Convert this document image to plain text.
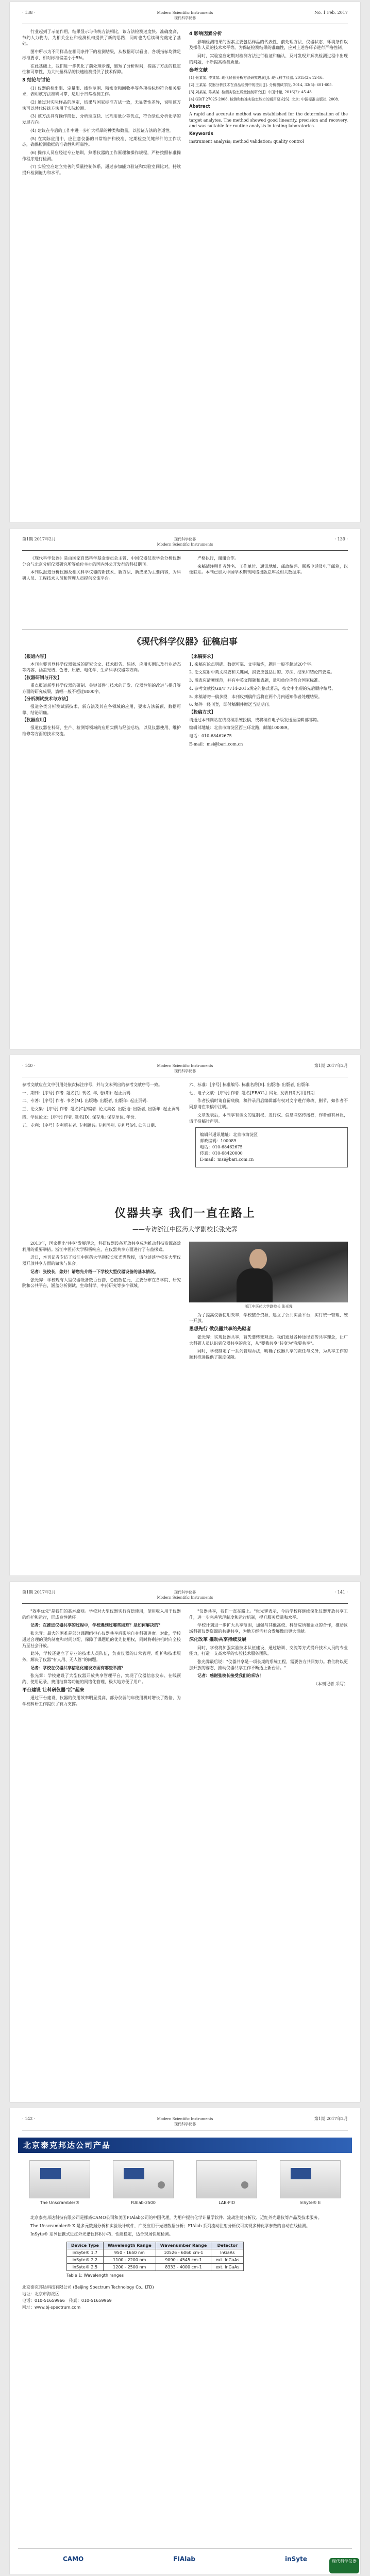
· 138 ·	Modern Scientific Instruments
现代科学仪器
No. 1 Feb. 2017

行业起到了示范作用，结果显示与传统方法相比，该方法检测速度快、准确度高，节约人力物力，为相关企业和检测机构提供了新的思路，同时也为后续研究奠定了基础。

图中所示为不同样品在相同条件下的检测结果，从数据可以看出，各项指标均满足标准要求，相对标准偏差小于5%。

在此基础上，我们进一步优化了前处理步骤，缩短了分析时间，提高了方法的稳定性和可靠性，为大批量样品的快速检测提供了技术保障。

3 结论与讨论

(1) 仪器的检出限、定量限、线性范围、精密度和回收率等各项指标均符合相关要求，表明该方法准确可靠，适用于日常检测工作。

(2) 通过对实际样品的测定，结果与国家标准方法一致，无显著性差异，说明该方法可以替代传统方法用于实际检测。

(3) 该方法具有操作简便、分析速度快、试剂用量少等优点，符合绿色分析化学的发展方向。

(4) 建议在今后的工作中进一步扩大样品的种类和数量，以验证方法的普适性。

(5) 在实际应用中，应注意仪器的日常维护和校准，定期检查关键部件的工作状态，确保检测数据的准确性和可靠性。

(6) 操作人员应经过专业培训，熟悉仪器的工作原理和操作规程，严格按照标准操作程序进行检测。

(7) 实验室应建立完善的质量控制体系，通过参加能力验证和实验室间比对，持续提升检测能力和水平。

4 影响因素分析

影响检测结果的因素主要包括样品的代表性、前处理方法、仪器状态、环境条件以及操作人员的技术水平等。为保证检测结果的准确性，应对上述各环节进行严格控制。

同时，实验室应定期对检测方法进行验证和确认，及时发现并解决检测过程中出现的问题，不断提高检测质量。

参考文献

[1] 张某某, 李某某. 现代仪器分析方法研究进展[J]. 现代科学仪器, 2015(3): 12-16.

[2] 王某某. 仪器分析技术在食品检测中的应用[J]. 分析测试学报, 2014, 33(5): 601-605.

[3] 刘某某, 陈某某. 检测实验室质量控制研究[J]. 中国计量, 2016(2): 45-48.

[4] GB/T 27025-2008. 检测和校准实验室能力的通用要求[S]. 北京: 中国标准出版社, 2008.

Abstract

A rapid and accurate method was established for the determination of the target analytes. The method showed good linearity, precision and recovery, and was suitable for routine analysis in testing laboratories.

Keywords

instrument analysis; method validation; quality control

第1期 2017年2月	现代科学仪器
Modern Scientific Instruments
· 139 ·

《现代科学仪器》是由国家自然科学基金委员会主管、中国仪器仪表学会分析仪器分会与北京分析仪器研究所等单位主办的国内外公开发行的科技期刊。

本刊以报道分析仪器及相关科学仪器的新技术、新方法、新成果为主要内容，为科研人员、工程技术人员和管理人员提供交流平台。

严格执行，谢谢合作。

来稿请注明作者姓名、工作单位、通讯地址、邮政编码、联系电话及电子邮箱，以便联系。本刊已加入中国学术期刊网络出版总库及相关数据库。

《现代科学仪器》征稿启事
【报道内容】

本刊主要刊登科学仪器领域的研究论文、技术报告、综述、应用实例以及行业动态等内容，涵盖光谱、色谱、质谱、电化学、生命科学仪器等方向。

【仪器研制与开发】

重点报道新型科学仪器的研制、关键部件与技术的开发、仪器性能的改进与提升等方面的研究成果，篇幅一般不超过8000字。

【分析测试技术与方法】

报道各类分析测试新技术、新方法及其在各领域的应用，要求方法新颖、数据可靠、结论明确。

【仪器应用】

报道仪器在科研、生产、检测等领域的应用实例与经验总结，以及仪器使用、维护维修等方面的技术交流。

【来稿要求】

1. 来稿应论点明确、数据可靠、文字精炼，题目一般不超过20个字。

2. 论文应附中英文摘要和关键词，摘要应包括目的、方法、结果和结论四要素。

3. 图表应清晰规范，并有中英文图题和表题，量和单位应符合国家标准。

4. 参考文献按GB/T 7714-2015规定的格式著录，按文中出现的先后顺序编号。

5. 来稿请勿一稿多投，本刊收到稿件后将在两个月内通知作者处理结果。

6. 稿件一经刊登，即付稿酬并赠送当期期刊。

【投稿方式】

请通过本刊网站在线投稿系统投稿，或将稿件电子版发送至编辑部邮箱。

编辑部地址：北京市海淀区西三环北路，邮编100089。

电话：010-68462675

E-mail：msi@bari.com.cn

· 140 ·	Modern Scientific Instruments
现代科学仪器
第1期 2017年2月

参考文献应在文中引用处依次标注序号，并与文末列出的参考文献序号一致。

一、期刊：[序号] 作者. 题名[J]. 刊名, 年, 卷(期): 起止页码.

二、专著：[序号] 作者. 书名[M]. 出版地: 出版者, 出版年: 起止页码.

三、论文集：[序号] 作者. 题名[C]//编者. 论文集名. 出版地: 出版者, 出版年: 起止页码.

四、学位论文：[序号] 作者. 题名[D]. 保存地: 保存单位, 年份.

五、专利：[序号] 专利所有者. 专利题名: 专利国别, 专利号[P]. 公告日期.

六、标准：[序号] 标准编号. 标准名称[S]. 出版地: 出版者, 出版年.

七、电子文献：[序号] 作者. 题名[EB/OL]. 网址, 发表日期/引用日期.

作者投稿时请自留底稿，稿件录用后编辑部有权对文字进行修改、删节，如作者不同意请在来稿中注明。

文章发表后，本刊享有该文的复制权、发行权、信息网络传播权，作者如有异议，请于投稿时声明。

编辑部通讯地址：北京市海淀区
邮政编码：100089
电话：010-68462675
传真：010-68420000
E-mail：msi@bari.com.cn
仪器共享 我们一直在路上
——专访浙江中医药大学副校长张光霁

2013年，国家提出"共享"发展理念，科研仪器设备开放共享成为推动科技资源高效利用的重要举措。浙江中医药大学积极响应，在仪器共享方面进行了有益探索。

近日，本刊记者专访了浙江中医药大学副校长张光霁教授，请他谈谈学校在大型仪器开放共享方面的做法与体会。

记者：张校长，您好！请您先介绍一下学校大型仪器设备的基本情况。

张光霁：学校现有大型仪器设备数百台套，总值数亿元，主要分布在各学院、研究院和公共平台，涵盖分析测试、生命科学、中药研究等多个领域。

浙江中医药大学副校长 张光霁

为了提高仪器使用效率，学校整合资源，建立了公共实验平台，实行统一管理、统一开放。

思想先行 做仪器共享的先驱者

张光霁：实现仪器共享，首先要转变观念。我们通过各种途径宣传共享理念，让广大科研人员认识到仪器共享的意义，从"要我共享"转变为"我要共享"。

同时，学校制定了一系列管理办法，明确了仪器共享的责任与义务，为共享工作的顺利推进提供了制度保障。

第1期 2017年2月	现代科学仪器
Modern Scientific Instruments
· 141 ·

"效率优先"是我们的基本原则。学校对大型仪器实行有偿使用，使用收入用于仪器的维护和运行，形成良性循环。

记者：在推进仪器共享的过程中，学校遇到过哪些困难？是如何解决的？

张光霁：最大的困难是部分课题组担心仪器共享后影响自身科研进度。对此，学校通过合理的预约制度和时间分配，保障了课题组的优先使用权，同时将剩余机时向全校乃至社会开放。

此外，学校还建立了专业的技术人员队伍，负责仪器的日常管理、维护和技术服务，解决了仪器"有人用、无人管"的问题。

记者：学校在仪器共享信息化建设方面有哪些举措？

张光霁：学校建设了大型仪器开放共享管理平台，实现了仪器信息发布、在线预约、使用记录、费用结算等功能的网络化管理，极大地方便了用户。

平台建设 让科研仪器"活"起来

通过平台建设，仪器的使用效率明显提高，部分仪器的年使用机时增长了数倍，为学校科研工作提供了有力支撑。

"仪器共享，我们一直在路上。"张光霁表示，今后学校将继续深化仪器开放共享工作，进一步完善管理制度和运行机制，提升服务质量和水平。

学校计划进一步扩大共享范围，加强与其他高校、科研院所和企业的合作，推动区域科研仪器资源的共建共享，为地方经济社会发展做出更大贡献。

深化改革 推动共享持续发展

同时，学校将加强实验技术队伍建设，通过培训、交流等方式提升技术人员的专业能力，打造一支高水平的实验技术服务团队。

张光霁最后说："仪器共享是一项长期的系统工程，需要各方共同努力。我们将以更加开放的姿态，推动仪器共享工作不断迈上新台阶。"

记者：感谢张校长接受我们的采访！

（本刊记者 采写）

· 142 ·	Modern Scientific Instruments
现代科学仪器
第1期 2017年2月
北京泰克邦达公司产品
The Unscrambler®	FIAlab-2500	LAB-PID	InSyte® E

北京泰克邦达科技有限公司是挪威CAMO公司和美国FIAlab公司的中国代理，为用户提供化学计量学软件、流动注射分析仪、近红外光谱仪等产品及技术服务。

The Unscrambler® X 是多元数据分析和实验设计软件，广泛应用于光谱数据分析；FIAlab 系列流动注射分析仪可实现多种化学参数的自动在线检测。

InSyte® 系列便携式近红外光谱仪体积小巧、性能稳定，适合现场快速检测。

Device Type	Wavelength Range	Wavenumber Range	Detector
inSyte® 1.7	950 - 1650 nm	10526 - 6060 cm-1	InGaAs
inSyte® 2.2	1100 - 2200 nm	9090 - 4545 cm-1	ext. InGaAs
inSyte® 2.5	1200 - 2500 nm	8333 - 4000 cm-1	ext. InGaAs
Table 1: Wavelength ranges
北京泰克邦达科技有限公司 (Beijing Spectrum Technology Co., LTD)
地址：北京市海淀区
电话：010-51659966　传真：010-51659969
网址：www.bj-spectrum.com
CAMO	FIAlab	inSyte	现代科学仪器
